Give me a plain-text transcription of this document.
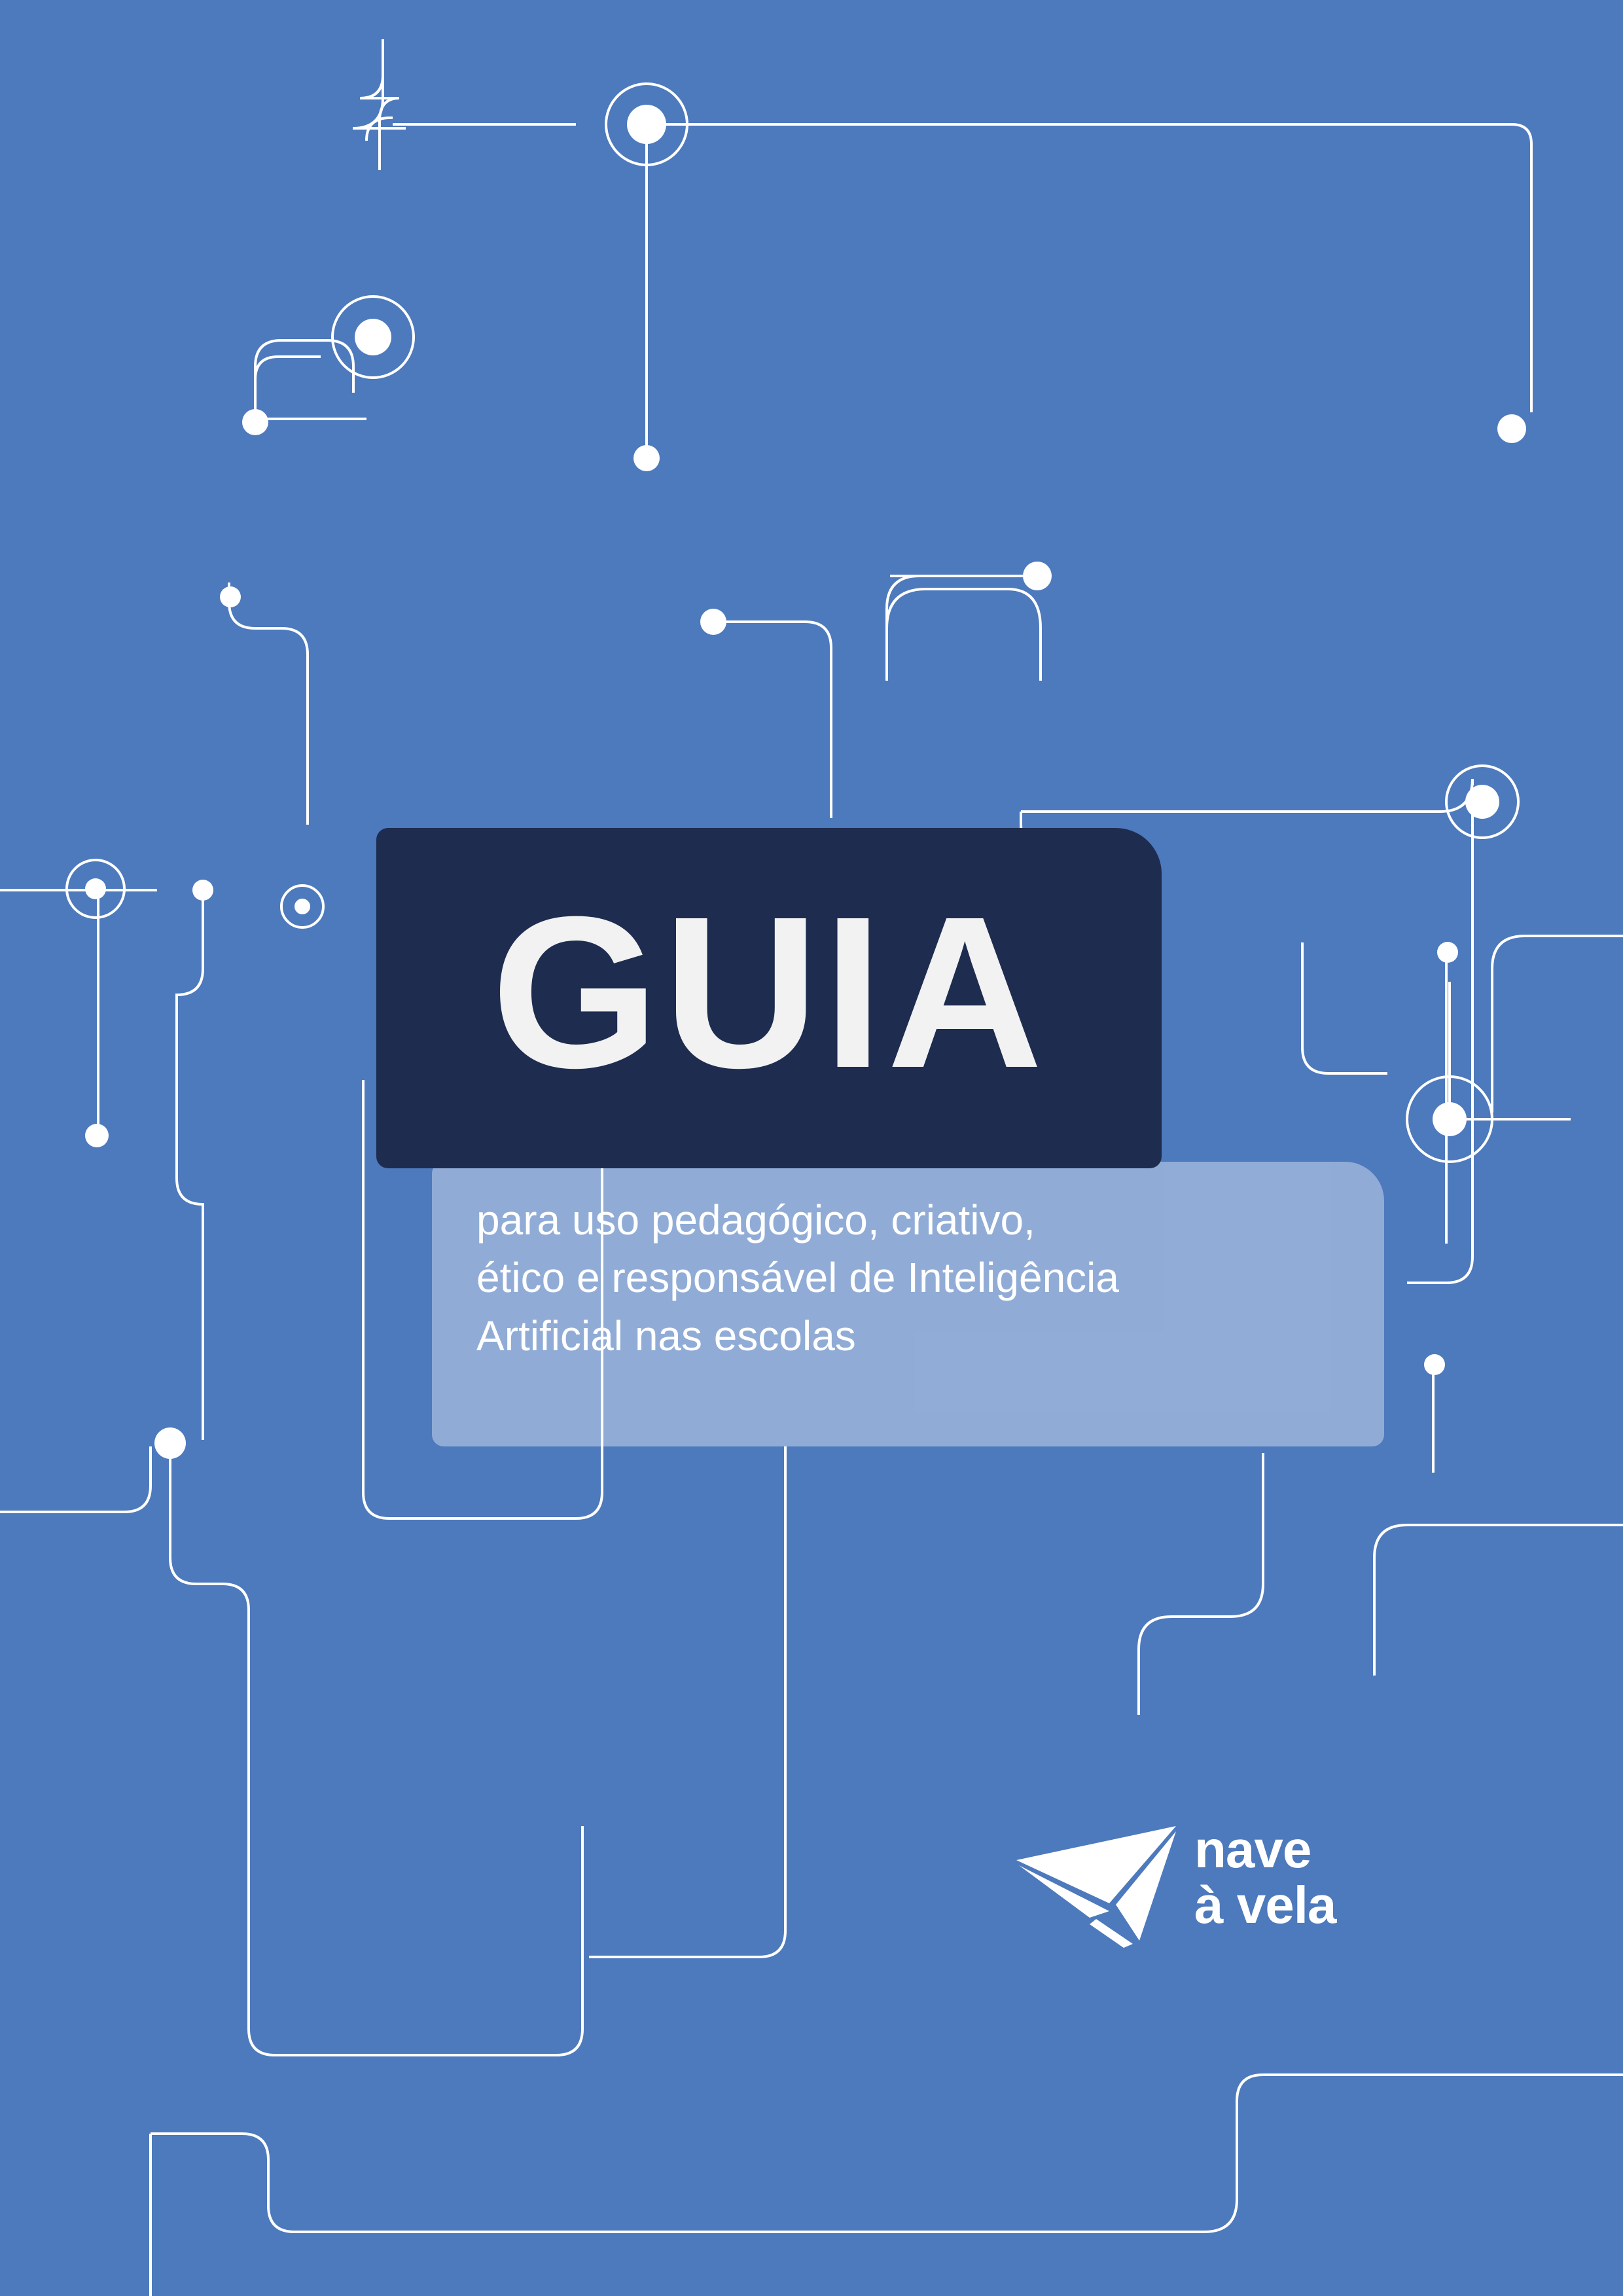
GUIA
para uso pedagógico, criativo,
ético e responsável de Inteligência
Artificial nas escolas
nave
à vela
